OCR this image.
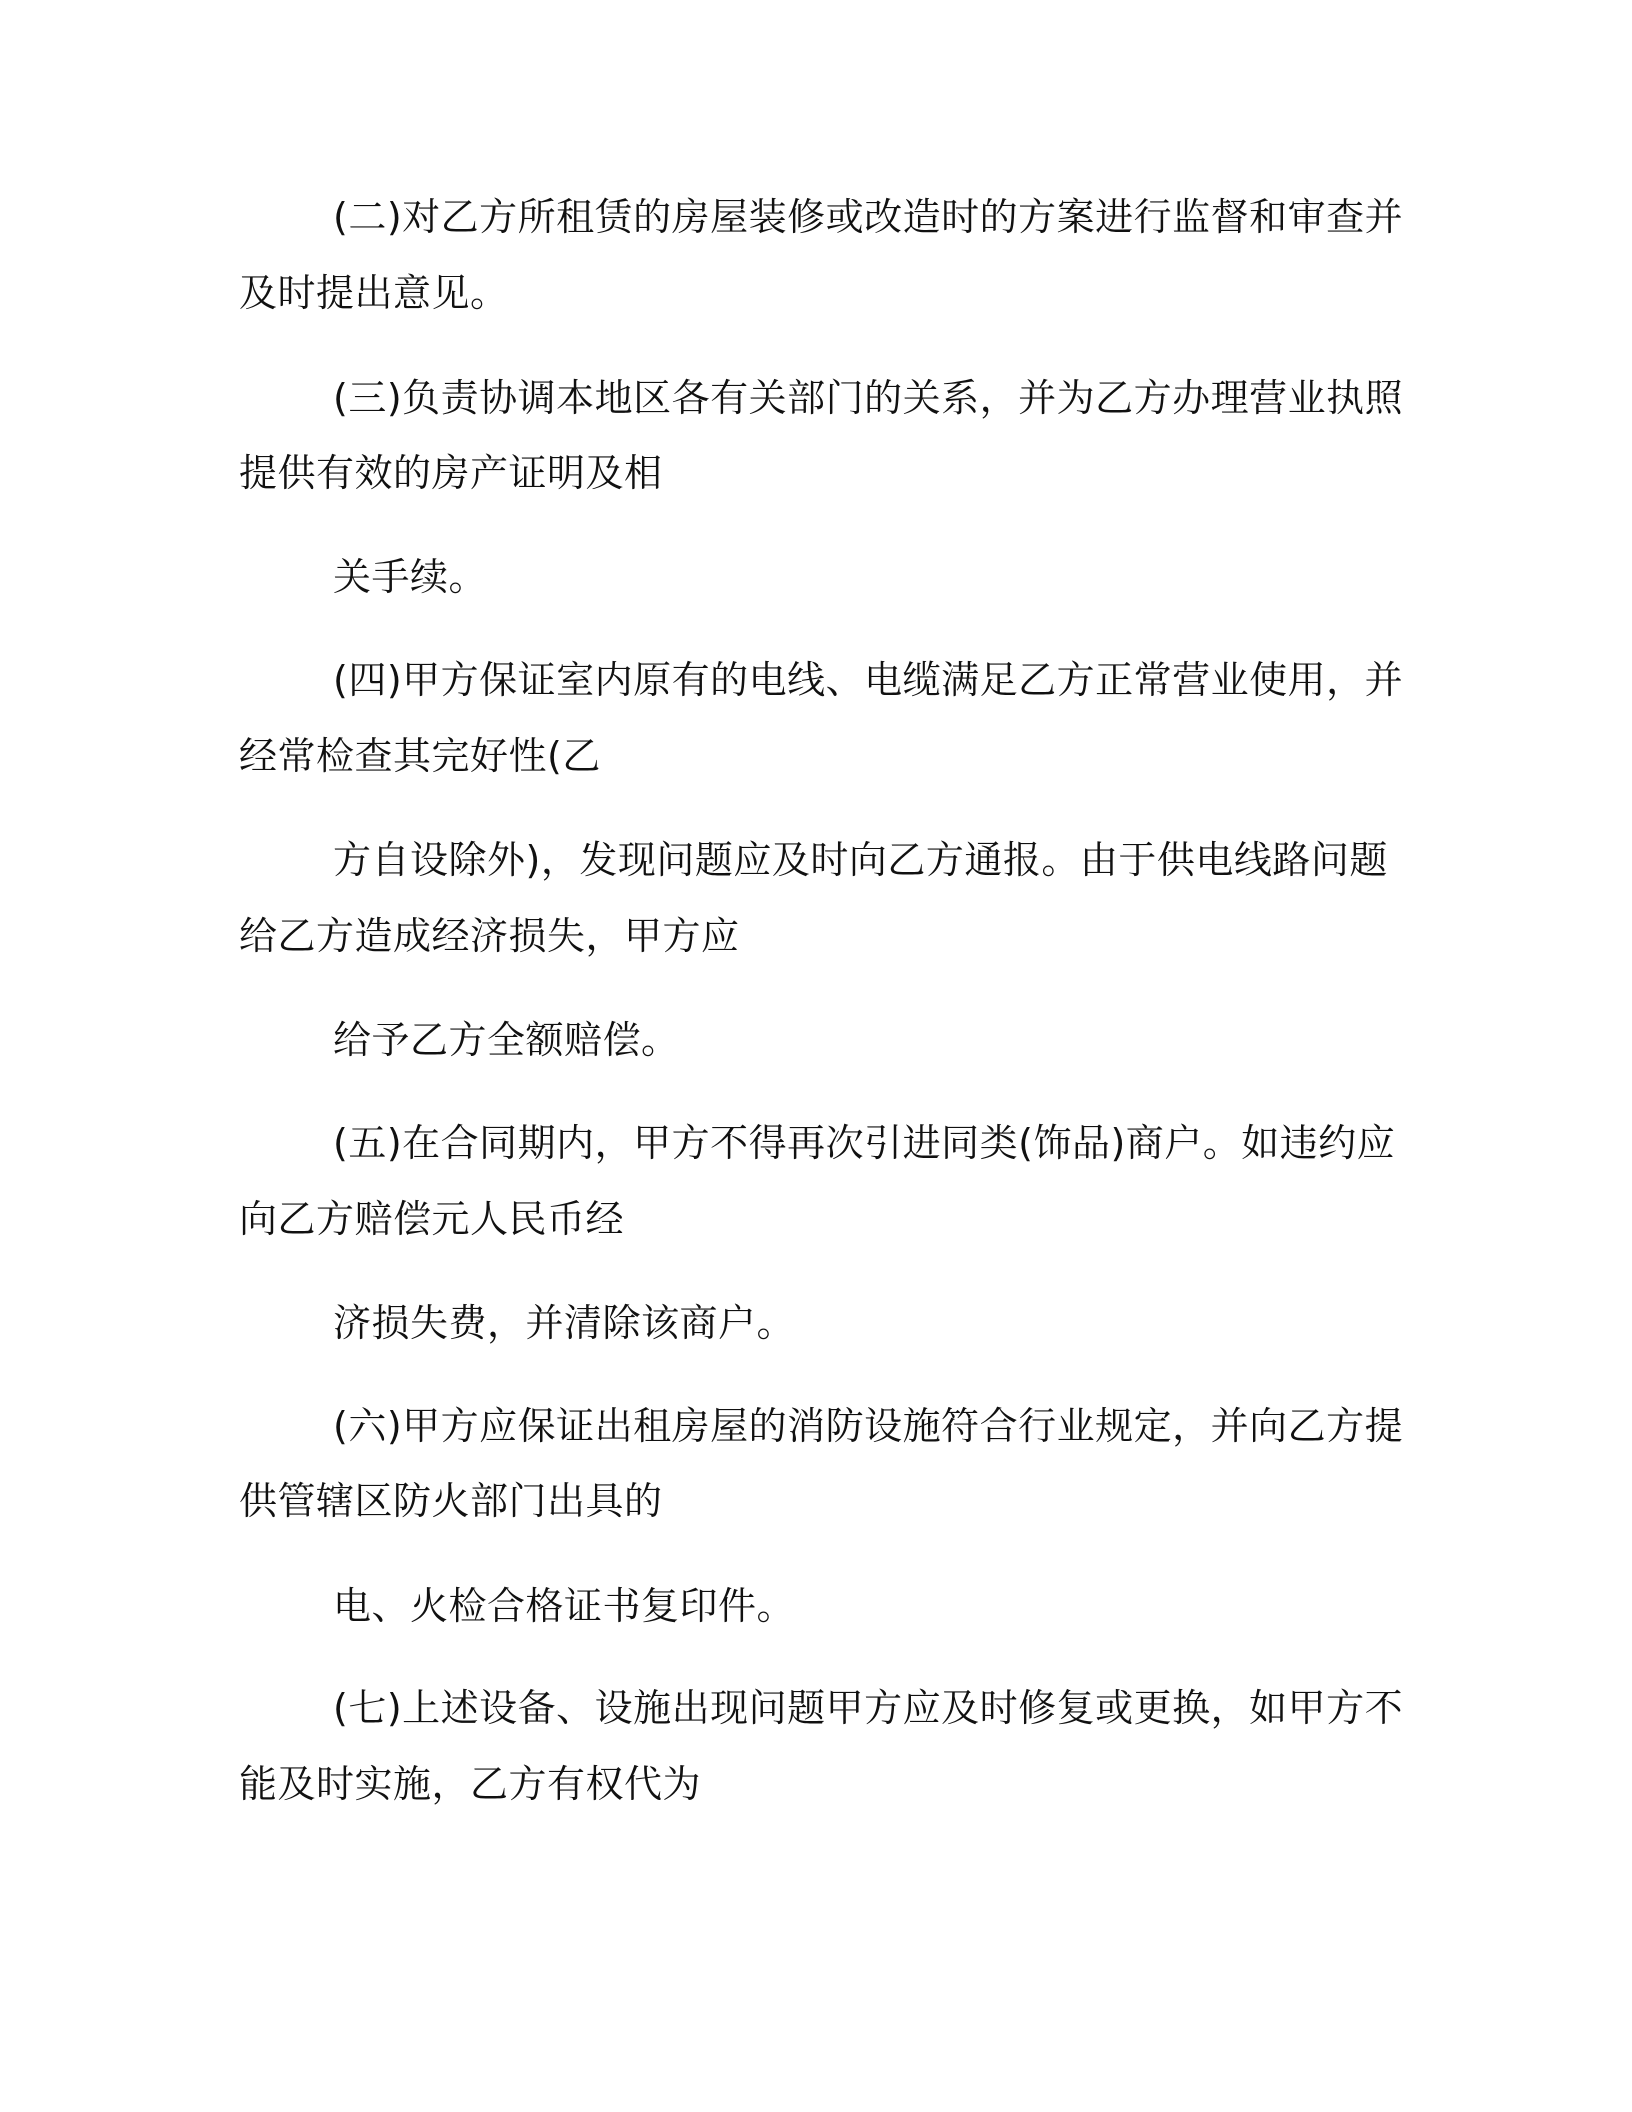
(二)对乙方所租赁的房屋装修或改造时的方案进行监督和审查并
及时提出意见。
(三)负责协调本地区各有关部门的关系，并为乙方办理营业执照
提供有效的房产证明及相
关手续。
(四)甲方保证室内原有的电线、电缆满足乙方正常营业使用，并
经常检查其完好性(乙
方自设除外)，发现问题应及时向乙方通报。由于供电线路问题
给乙方造成经济损失，甲方应
给予乙方全额赔偿。
(五)在合同期内，甲方不得再次引进同类(饰品)商户。如违约应
向乙方赔偿元人民币经
济损失费，并清除该商户。
(六)甲方应保证出租房屋的消防设施符合行业规定，并向乙方提
供管辖区防火部门出具的
电、火检合格证书复印件。
(七)上述设备、设施出现问题甲方应及时修复或更换，如甲方不
能及时实施，乙方有权代为
